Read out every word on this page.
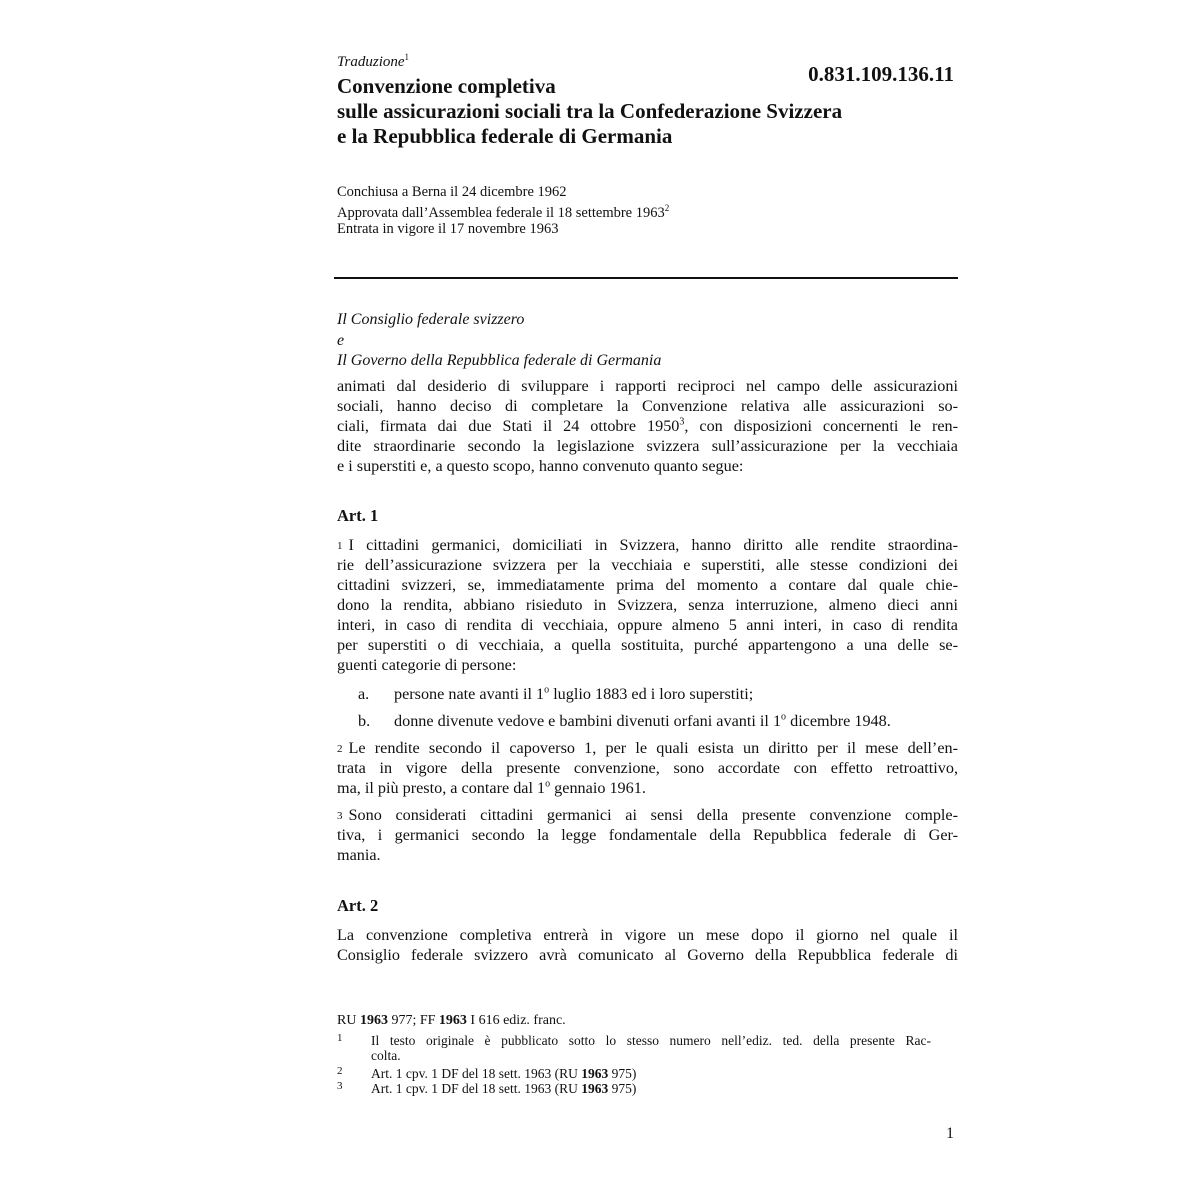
Traduzione$^1$
0.831.109.136.11
Convenzione completiva
sulle assicurazioni sociali tra la Confederazione Svizzera
e la Repubblica federale di Germania
Conchiusa a Berna il 24 dicembre 1962
Approvata dall’Assemblea federale il 18 settembre 1963$^2$
Entrata in vigore il 17 novembre 1963
Il Consiglio federale svizzero
e
Il Governo della Repubblica federale di Germania
animati dal desiderio di sviluppare i rapporti reciproci nel campo delle assicurazioni
sociali, hanno deciso di completare la Convenzione relativa alle assicurazioni so-
ciali, firmata dai due Stati il 24 ottobre 1950$^3$, con disposizioni concernenti le ren-
dite straordinarie secondo la legislazione svizzera sull’assicurazione per la vecchiaia
e i superstiti e, a questo scopo, hanno convenuto quanto segue:
Art. 1
$^1$ I cittadini germanici, domiciliati in Svizzera, hanno diritto alle rendite straordina-
rie dell’assicurazione svizzera per la vecchiaia e superstiti, alle stesse condizioni dei
cittadini svizzeri, se, immediatamente prima del momento a contare dal quale chie-
dono la rendita, abbiano risieduto in Svizzera, senza interruzione, almeno dieci anni
interi, in caso di rendita di vecchiaia, oppure almeno 5 anni interi, in caso di rendita
per superstiti o di vecchiaia, a quella sostituita, purché appartengono a una delle se-
guenti categorie di persone:
a. persone nate avanti il 1$^o$ luglio 1883 ed i loro superstiti;
b. donne divenute vedove e bambini divenuti orfani avanti il 1$^o$ dicembre 1948.
$^2$ Le rendite secondo il capoverso 1, per le quali esista un diritto per il mese dell’en-
trata in vigore della presente convenzione, sono accordate con effetto retroattivo,
ma, il più presto, a contare dal 1$^o$ gennaio 1961.
$^3$ Sono considerati cittadini germanici ai sensi della presente convenzione comple-
tiva, i germanici secondo la legge fondamentale della Repubblica federale di Ger-
mania.
Art. 2
La convenzione completiva entrerà in vigore un mese dopo il giorno nel quale il
Consiglio federale svizzero avrà comunicato al Governo della Repubblica federale di
RU 1963 977; FF 1963 I 616 ediz. franc.
1 Il testo originale è pubblicato sotto lo stesso numero nell’ediz. ted. della presente Rac-
colta.
2 Art. 1 cpv. 1 DF del 18 sett. 1963 (RU 1963 975)
3 Art. 1 cpv. 1 DF del 18 sett. 1963 (RU 1963 975)
1
